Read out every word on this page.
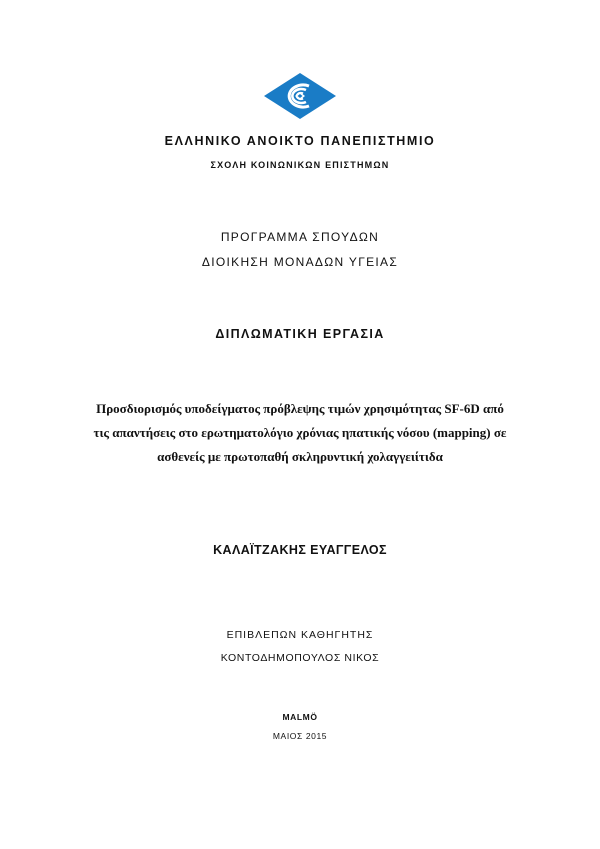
ΕΛΛΗΝΙΚΟ ΑΝΟΙΚΤΟ ΠΑΝΕΠΙΣΤΗΜΙΟ
ΣΧΟΛΗ ΚΟΙΝΩΝΙΚΩΝ ΕΠΙΣΤΗΜΩΝ
ΠΡΟΓΡΑΜΜΑ ΣΠΟΥΔΩΝ
ΔΙΟΙΚΗΣΗ ΜΟΝΑΔΩΝ ΥΓΕΙΑΣ
ΔΙΠΛΩΜΑΤΙΚΗ ΕΡΓΑΣΙΑ
Προσδιορισμός υποδείγματος πρόβλεψης τιμών χρησιμότητας SF-6D από
τις απαντήσεις στο ερωτηματολόγιο χρόνιας ηπατικής νόσου (mapping) σε
ασθενείς με πρωτοπαθή σκληρυντική χολαγγειίτιδα
ΚΑΛΑΪΤΖΑΚΗΣ ΕΥΑΓΓΕΛΟΣ
ΕΠΙΒΛΕΠΩΝ ΚΑΘΗΓΗΤΗΣ
ΚΟΝΤΟΔΗΜΟΠΟΥΛΟΣ ΝΙΚΟΣ
MALMÖ
ΜΑΙΟΣ 2015
